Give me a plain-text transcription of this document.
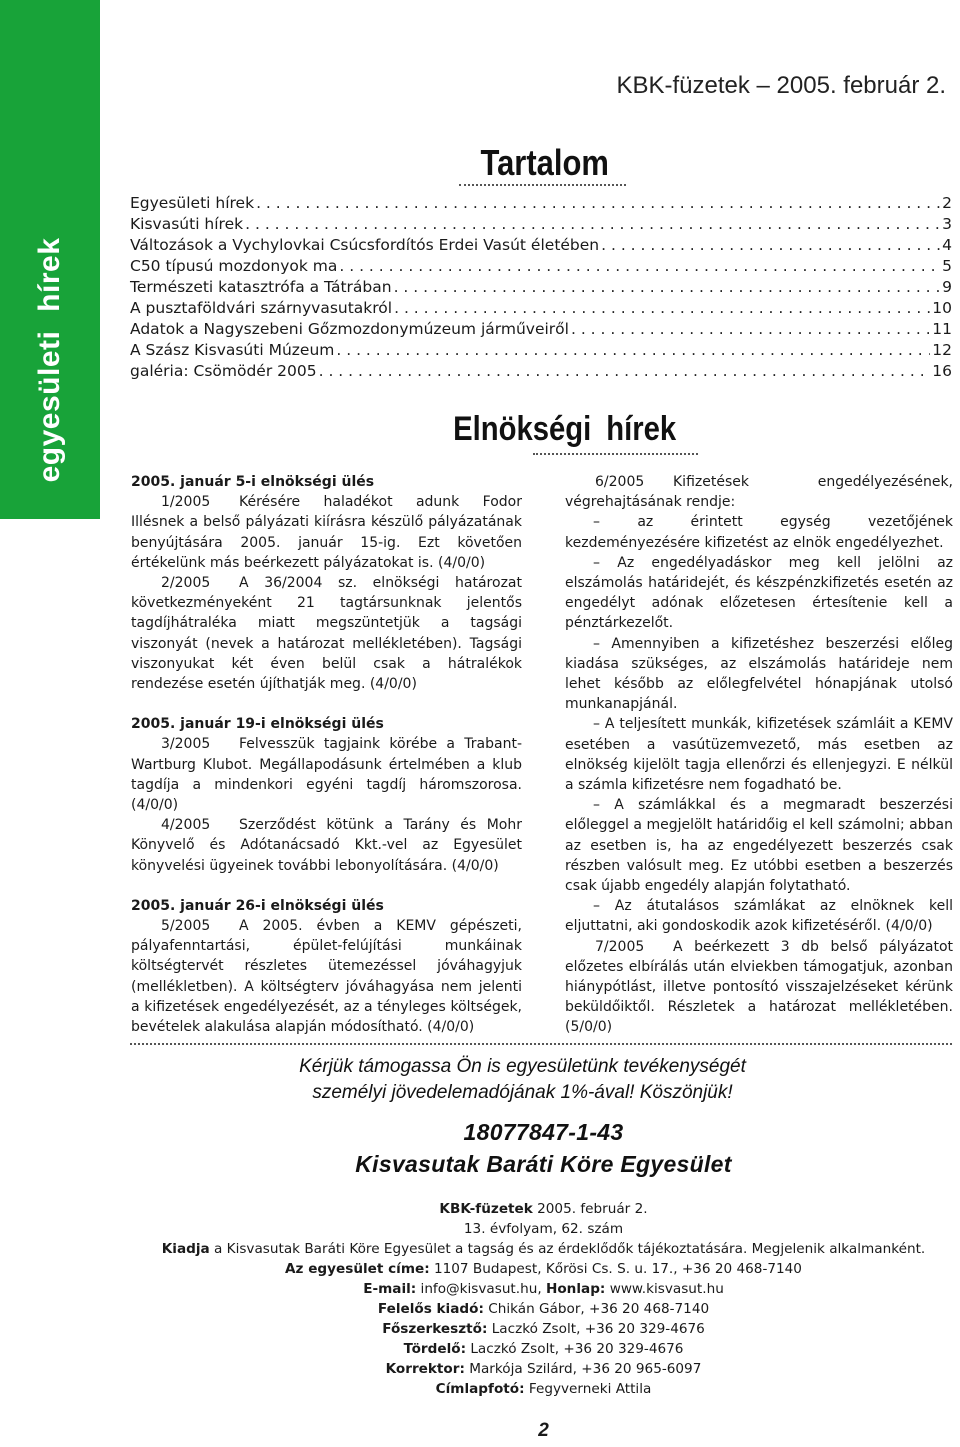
egyesületi hírek
KBK-füzetek – 2005. február 2.
Tartalom
Egyesületi hírek . . .	2
Kisvasúti hírek . . .	3
Változások a Vychylovkai Csúcsfordítós Erdei Vasút életében . . .	4
C50 típusú mozdonyok ma . . .	5
Természeti katasztrófa a Tátrában . . .	9
A pusztaföldvári szárnyvasutakról . . .	10
Adatok a Nagyszebeni Gőzmozdonymúzeum járműveiről . . .	11
A Szász Kisvasúti Múzeum . . .	12
galéria: Csömödér 2005 . . .	16
Elnökségi hírek

2005. január 5-i elnökségi ülés

1/2005 Kérésére haladékot adunk Fodor Illésnek a belső pályázati kiírásra készülő pályázatának benyújtására 2005. január 15-ig. Ezt követően értékelünk más beérkezett pályázatokat is. (4/0/0)

2/2005 A 36/2004 sz. elnökségi határozat következményeként 21 tagtársunknak jelentős tagdíjhátraléka miatt megszüntetjük a tagsági viszonyát (nevek a határozat mellékletében). Tagsági viszonyukat két éven belül csak a hátralékok rendezése esetén újíthatják meg. (4/0/0)

2005. január 19-i elnökségi ülés

3/2005 Felvesszük tagjaink körébe a Trabant-Wartburg Klubot. Megállapodásunk értelmében a klub tagdíja a mindenkori egyéni tagdíj háromszorosa. (4/0/0)

4/2005 Szerződést kötünk a Tarány és Mohr Könyvelő és Adótanácsadó Kkt.-vel az Egyesület könyvelési ügyeinek további lebonyolítására. (4/0/0)

2005. január 26-i elnökségi ülés

5/2005 A 2005. évben a KEMV gépészeti, pályafenntartási, épület-felújítási munkáinak költségtervét részletes ütemezéssel jóváhagyjuk (mellékletben). A költségterv jóváhagyása nem jelenti a kifizetések engedélyezését, az a tényleges költségek, bevételek alakulása alapján módosítható. (4/0/0)

6/2005 Kifizetések engedélyezésének, végrehajtásának rendje:

– az érintett egység vezetőjének kezdeményezésére kifizetést az elnök engedélyezhet.

– Az engedélyadáskor meg kell jelölni az elszámolás határidejét, és készpénzkifizetés esetén az engedélyt adónak előzetesen értesítenie kell a pénztárkezelőt.

– Amennyiben a kifizetéshez beszerzési előleg kiadása szükséges, az elszámolás határideje nem lehet később az előlegfelvétel hónapjának utolsó munkanapjánál.

– A teljesített munkák, kifizetések számláit a KEMV esetében a vasútüzemvezető, más esetben az elnökség kijelölt tagja ellenőrzi és ellenjegyzi. E nélkül a számla kifizetésre nem fogadható be.

– A számlákkal és a megmaradt beszerzési előleggel a megjelölt határidőig el kell számolni; abban az esetben is, ha az engedélyezett beszerzés csak részben valósult meg. Ez utóbbi esetben a beszerzés csak újabb engedély alapján folytatható.

– Az átutalásos számlákat az elnöknek kell eljuttatni, aki gondoskodik azok kifizetéséről. (4/0/0)

7/2005 A beérkezett 3 db belső pályázatot előzetes elbírálás után elviekben támogatjuk, azonban hiánypótlást, illetve pontosító visszajelzéseket kérünk beküldőiktől. Részletek a határozat mellékletében. (5/0/0)

Kérjük támogassa Ön is egyesületünk tevékenységét
személyi jövedelemadójának 1%-ával! Köszönjük!
18077847-1-43
Kisvasutak Baráti Köre Egyesület
KBK-füzetek 2005. február 2.
13. évfolyam, 62. szám
Kiadja a Kisvasutak Baráti Köre Egyesület a tagság és az érdeklődők tájékoztatására. Megjelenik alkalmanként.
Az egyesület címe: 1107 Budapest, Kőrösi Cs. S. u. 17., +36 20 468-7140
E-mail: info@kisvasut.hu, Honlap: www.kisvasut.hu
Felelős kiadó: Chikán Gábor, +36 20 468-7140
Főszerkesztő: Laczkó Zsolt, +36 20 329-4676
Tördelő: Laczkó Zsolt, +36 20 329-4676
Korrektor: Markója Szilárd, +36 20 965-6097
Címlapfotó: Fegyverneki Attila
2
